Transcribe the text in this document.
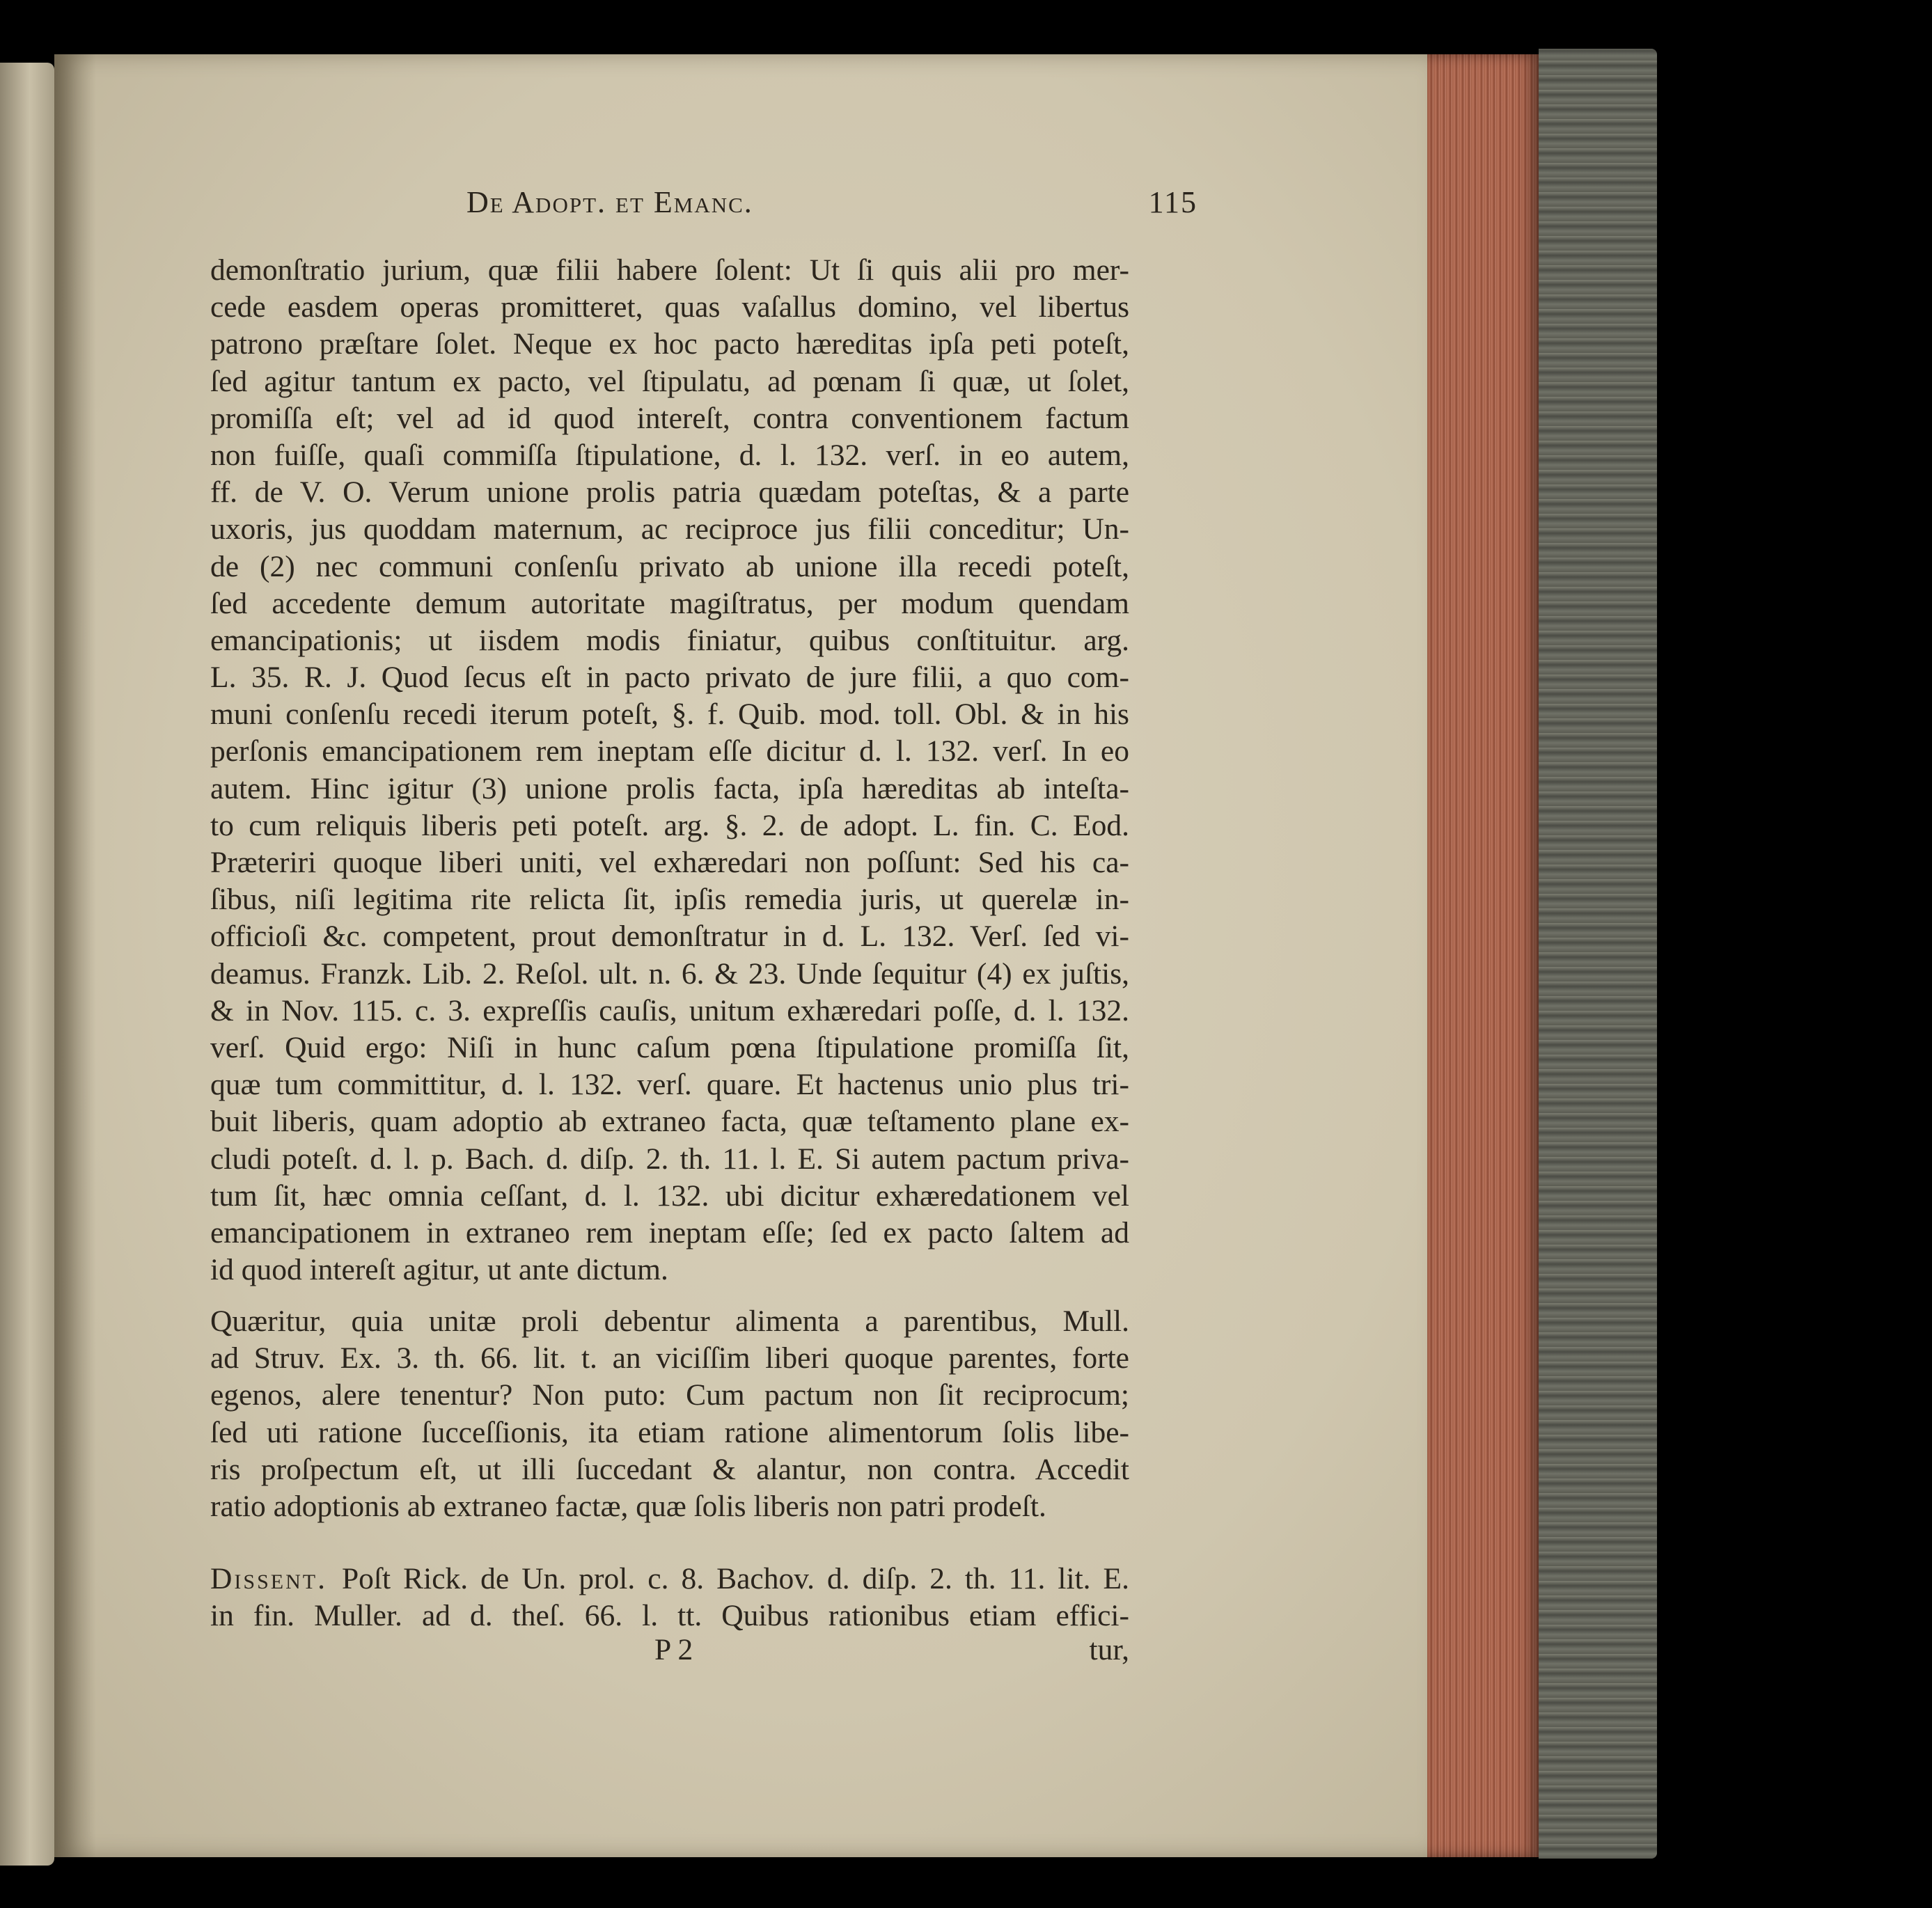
De Adopt. et Emanc.	115
demonſtratio jurium, quæ filii habere ſolent: Ut ſi quis alii pro mer-
cede easdem operas promitteret, quas vaſallus domino, vel libertus
patrono præſtare ſolet. Neque ex hoc pacto hæreditas ipſa peti poteſt,
ſed agitur tantum ex pacto, vel ſtipulatu, ad pœnam ſi quæ, ut ſolet,
promiſſa eſt; vel ad id quod intereſt, contra conventionem factum
non fuiſſe, quaſi commiſſa ſtipulatione, d. l. 132. verſ. in eo autem,
ff. de V. O. Verum unione prolis patria quædam poteſtas, & a parte
uxoris, jus quoddam maternum, ac reciproce jus filii conceditur; Un-
de (2) nec communi conſenſu privato ab unione illa recedi poteſt,
ſed accedente demum autoritate magiſtratus, per modum quendam
emancipationis; ut iisdem modis finiatur, quibus conſtituitur. arg.
L. 35. R. J. Quod ſecus eſt in pacto privato de jure filii, a quo com-
muni conſenſu recedi iterum poteſt, §. f. Quib. mod. toll. Obl. & in his
perſonis emancipationem rem ineptam eſſe dicitur d. l. 132. verſ. In eo
autem. Hinc igitur (3) unione prolis facta, ipſa hæreditas ab inteſta-
to cum reliquis liberis peti poteſt. arg. §. 2. de adopt. L. fin. C. Eod.
Præteriri quoque liberi uniti, vel exhæredari non poſſunt: Sed his ca-
ſibus, niſi legitima rite relicta ſit, ipſis remedia juris, ut querelæ in-
officioſi &c. competent, prout demonſtratur in d. L. 132. Verſ. ſed vi-
deamus. Franzk. Lib. 2. Reſol. ult. n. 6. & 23. Unde ſequitur (4) ex juſtis,
& in Nov. 115. c. 3. expreſſis cauſis, unitum exhæredari poſſe, d. l. 132.
verſ. Quid ergo: Niſi in hunc caſum pœna ſtipulatione promiſſa ſit,
quæ tum committitur, d. l. 132. verſ. quare. Et hactenus unio plus tri-
buit liberis, quam adoptio ab extraneo facta, quæ teſtamento plane ex-
cludi poteſt. d. l. p. Bach. d. diſp. 2. th. 11. l. E. Si autem pactum priva-
tum ſit, hæc omnia ceſſant, d. l. 132. ubi dicitur exhæredationem vel
emancipationem in extraneo rem ineptam eſſe; ſed ex pacto ſaltem ad
id quod intereſt agitur, ut ante dictum.
Quæritur, quia unitæ proli debentur alimenta a parentibus, Mull.
ad Struv. Ex. 3. th. 66. lit. t. an viciſſim liberi quoque parentes, forte
egenos, alere tenentur? Non puto: Cum pactum non ſit reciprocum;
ſed uti ratione ſucceſſionis, ita etiam ratione alimentorum ſolis libe-
ris proſpectum eſt, ut illi ſuccedant & alantur, non contra. Accedit
ratio adoptionis ab extraneo factæ, quæ ſolis liberis non patri prodeſt.
Dissent. Poſt Rick. de Un. prol. c. 8. Bachov. d. diſp. 2. th. 11. lit. E.
in fin. Muller. ad d. theſ. 66. l. tt. Quibus rationibus etiam effici-
P 2	tur,
